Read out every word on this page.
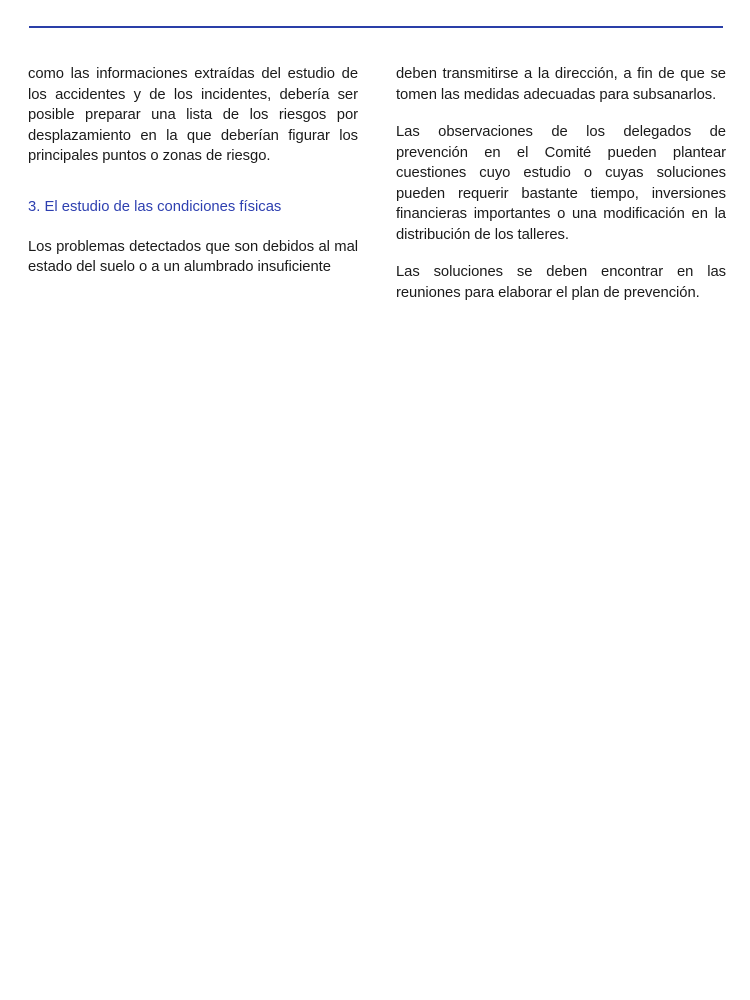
como las informaciones extraídas del estudio de los accidentes y de los incidentes, debería ser posible preparar una lista de los riesgos por desplazamiento en la que deberían figurar los principales puntos o zonas de riesgo.

3. El estudio de las condiciones físicas

Los problemas detectados que son debidos al mal estado del suelo o a un alumbrado insuficiente

deben transmitirse a la dirección, a fin de que se tomen las medidas adecuadas para subsanarlos.

Las observaciones de los delegados de prevención en el Comité pueden plantear cuestiones cuyo estudio o cuyas soluciones pueden requerir bastante tiempo, inversiones financieras importantes o una modificación en la distribución de los talleres.

Las soluciones se deben encontrar en las reuniones para elaborar el plan de prevención.
